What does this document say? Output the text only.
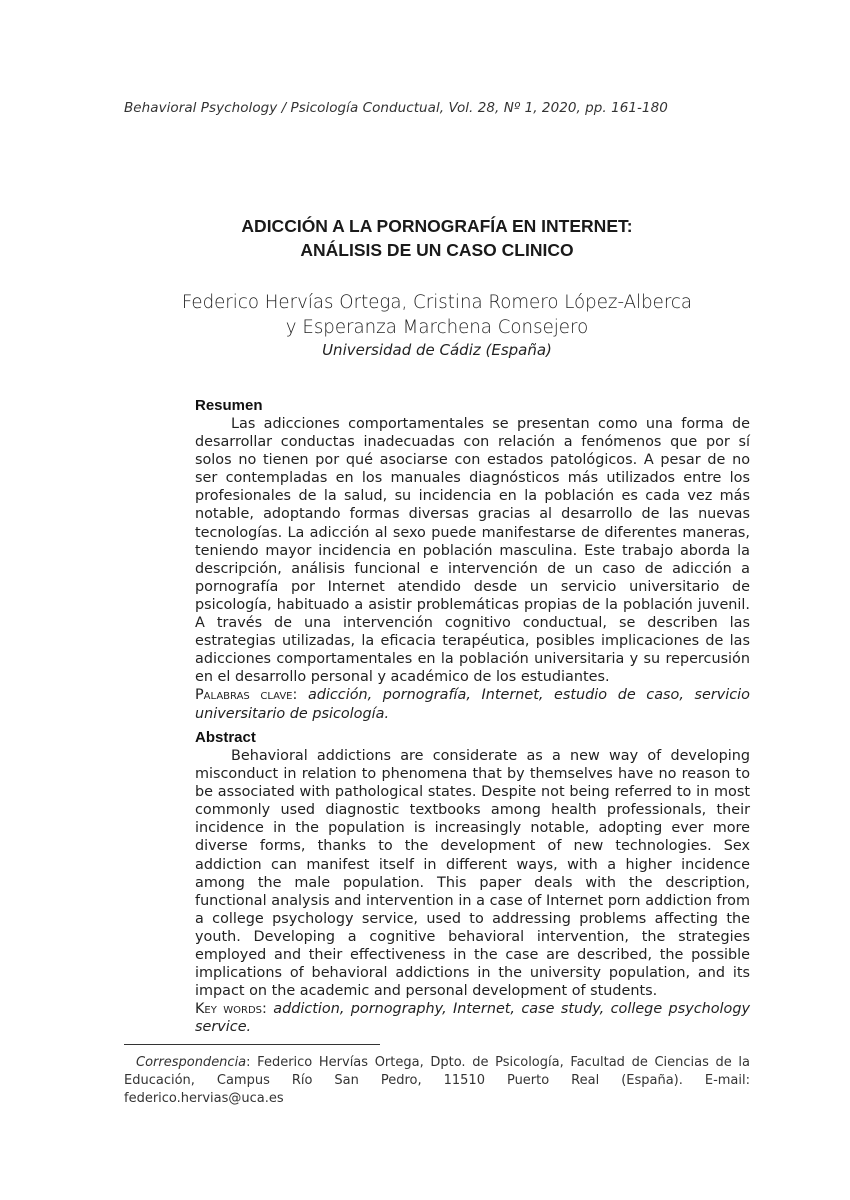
Behavioral Psychology / Psicología Conductual, Vol. 28, Nº 1, 2020, pp. 161-180
ADICCIÓN A LA PORNOGRAFÍA EN INTERNET:
ANÁLISIS DE UN CASO CLINICO
Federico Hervías Ortega, Cristina Romero López-Alberca
y Esperanza Marchena Consejero
Universidad de Cádiz (España)
Resumen

Las adicciones comportamentales se presentan como una forma de desarrollar conductas inadecuadas con relación a fenómenos que por sí solos no tienen por qué asociarse con estados patológicos. A pesar de no ser contempladas en los manuales diagnósticos más utilizados entre los profesionales de la salud, su incidencia en la población es cada vez más notable, adoptando formas diversas gracias al desarrollo de las nuevas tecnologías. La adicción al sexo puede manifestarse de diferentes maneras, teniendo mayor incidencia en población masculina. Este trabajo aborda la descripción, análisis funcional e intervención de un caso de adicción a pornografía por Internet atendido desde un servicio universitario de psicología, habituado a asistir problemáticas propias de la población juvenil. A través de una intervención cognitivo conductual, se describen las estrategias utilizadas, la eficacia terapéutica, posibles implicaciones de las adicciones comportamentales en la población universitaria y su repercusión en el desarrollo personal y académico de los estudiantes.

Palabras clave: adicción, pornografía, Internet, estudio de caso, servicio universitario de psicología.

Abstract

Behavioral addictions are considerate as a new way of developing misconduct in relation to phenomena that by themselves have no reason to be associated with pathological states. Despite not being referred to in most commonly used diagnostic textbooks among health professionals, their incidence in the population is increasingly notable, adopting ever more diverse forms, thanks to the development of new technologies. Sex addiction can manifest itself in different ways, with a higher incidence among the male population. This paper deals with the description, functional analysis and intervention in a case of Internet porn addiction from a college psychology service, used to addressing problems affecting the youth. Developing a cognitive behavioral intervention, the strategies employed and their effectiveness in the case are described, the possible implications of behavioral addictions in the university population, and its impact on the academic and personal development of students.

Key words: addiction, pornography, Internet, case study, college psychology service.

Correspondencia: Federico Hervías Ortega, Dpto. de Psicología, Facultad de Ciencias de la Educación, Campus Río San Pedro, 11510 Puerto Real (España). E-mail: federico.hervias@uca.es
